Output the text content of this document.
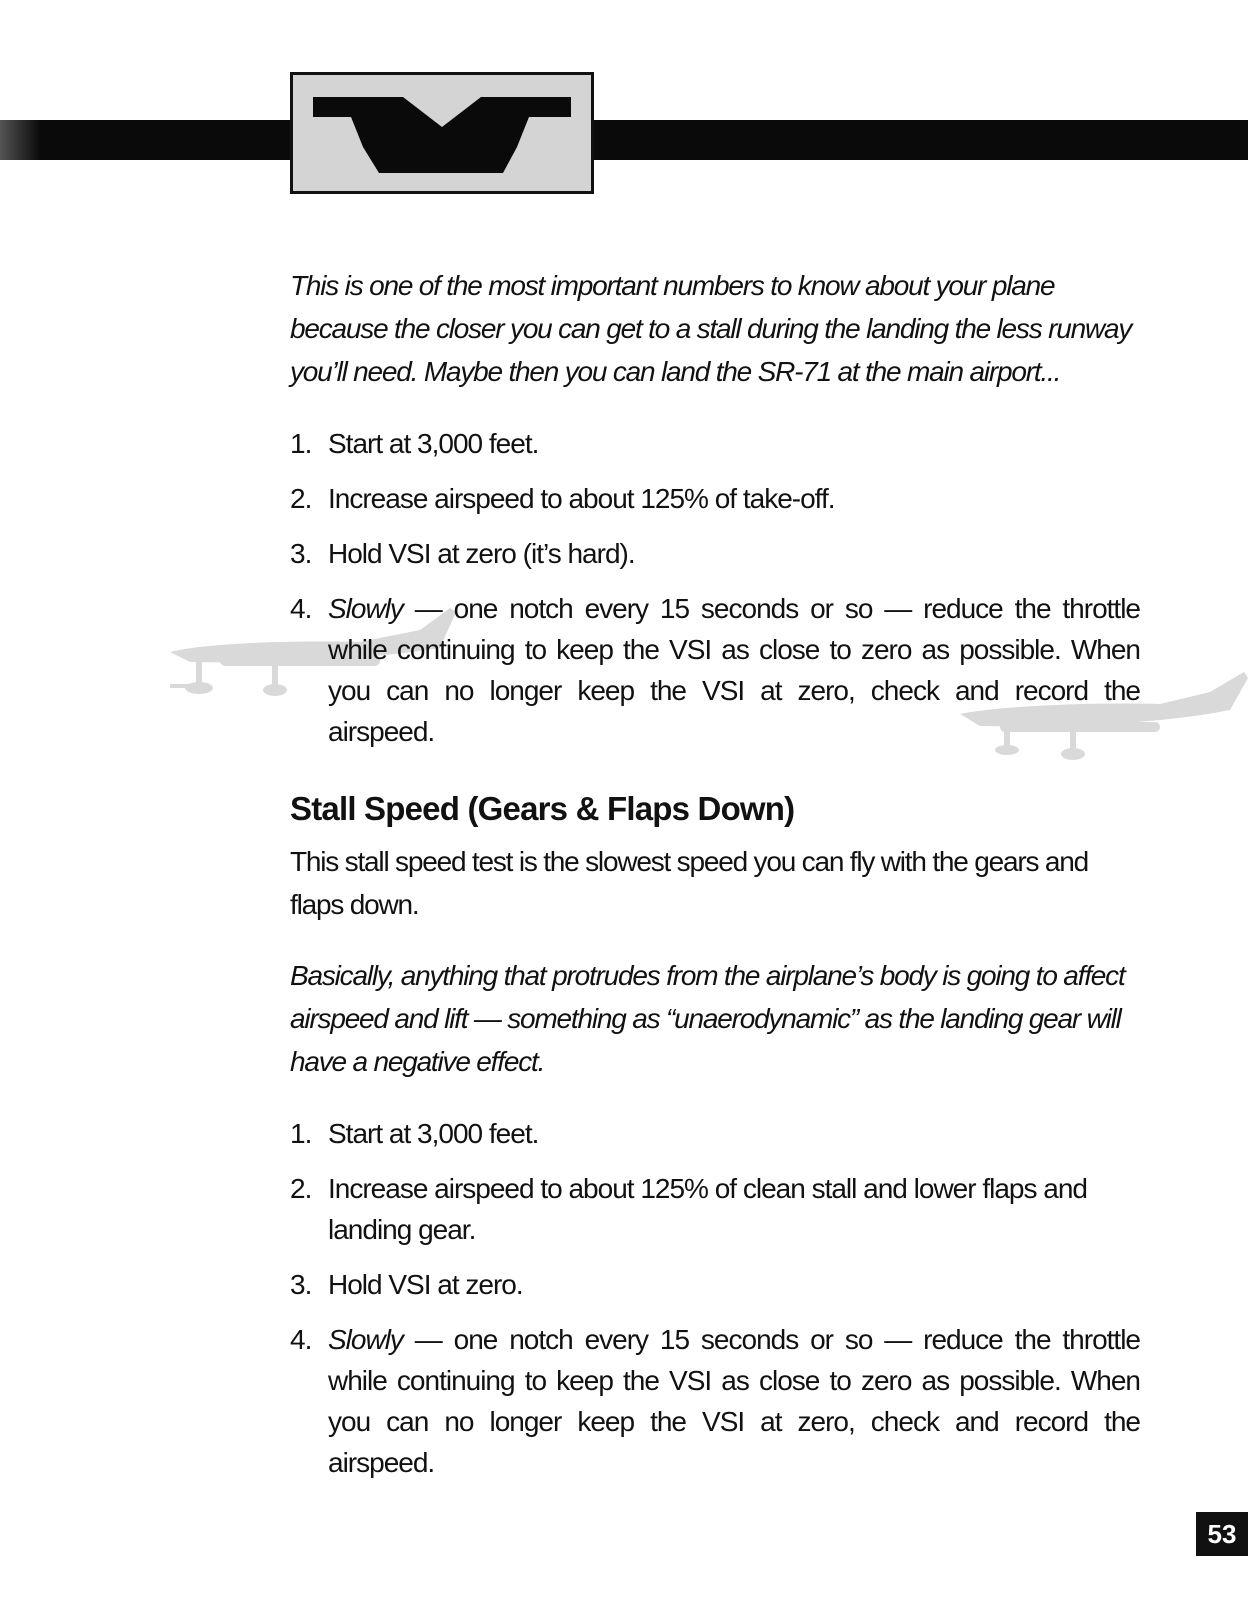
This is one of the most important numbers to know about your plane because the closer you can get to a stall during the landing the less runway you’ll need. Maybe then you can land the SR-71 at the main airport...

1. Start at 3,000 feet.
2. Increase airspeed to about 125% of take-off.
3. Hold VSI at zero (it’s hard).
4. Slowly — one notch every 15 seconds or so — reduce the throttle while continuing to keep the VSI as close to zero as possible. When you can no longer keep the VSI at zero, check and record the airspeed.
Stall Speed (Gears & Flaps Down)

This stall speed test is the slowest speed you can fly with the gears and flaps down.

Basically, anything that protrudes from the airplane’s body is going to affect airspeed and lift — something as “unaerodynamic” as the landing gear will have a negative effect.

1. Start at 3,000 feet.
2. Increase airspeed to about 125% of clean stall and lower flaps and landing gear.
3. Hold VSI at zero.
4. Slowly — one notch every 15 seconds or so — reduce the throttle while continuing to keep the VSI as close to zero as possible. When you can no longer keep the VSI at zero, check and record the airspeed.
53
